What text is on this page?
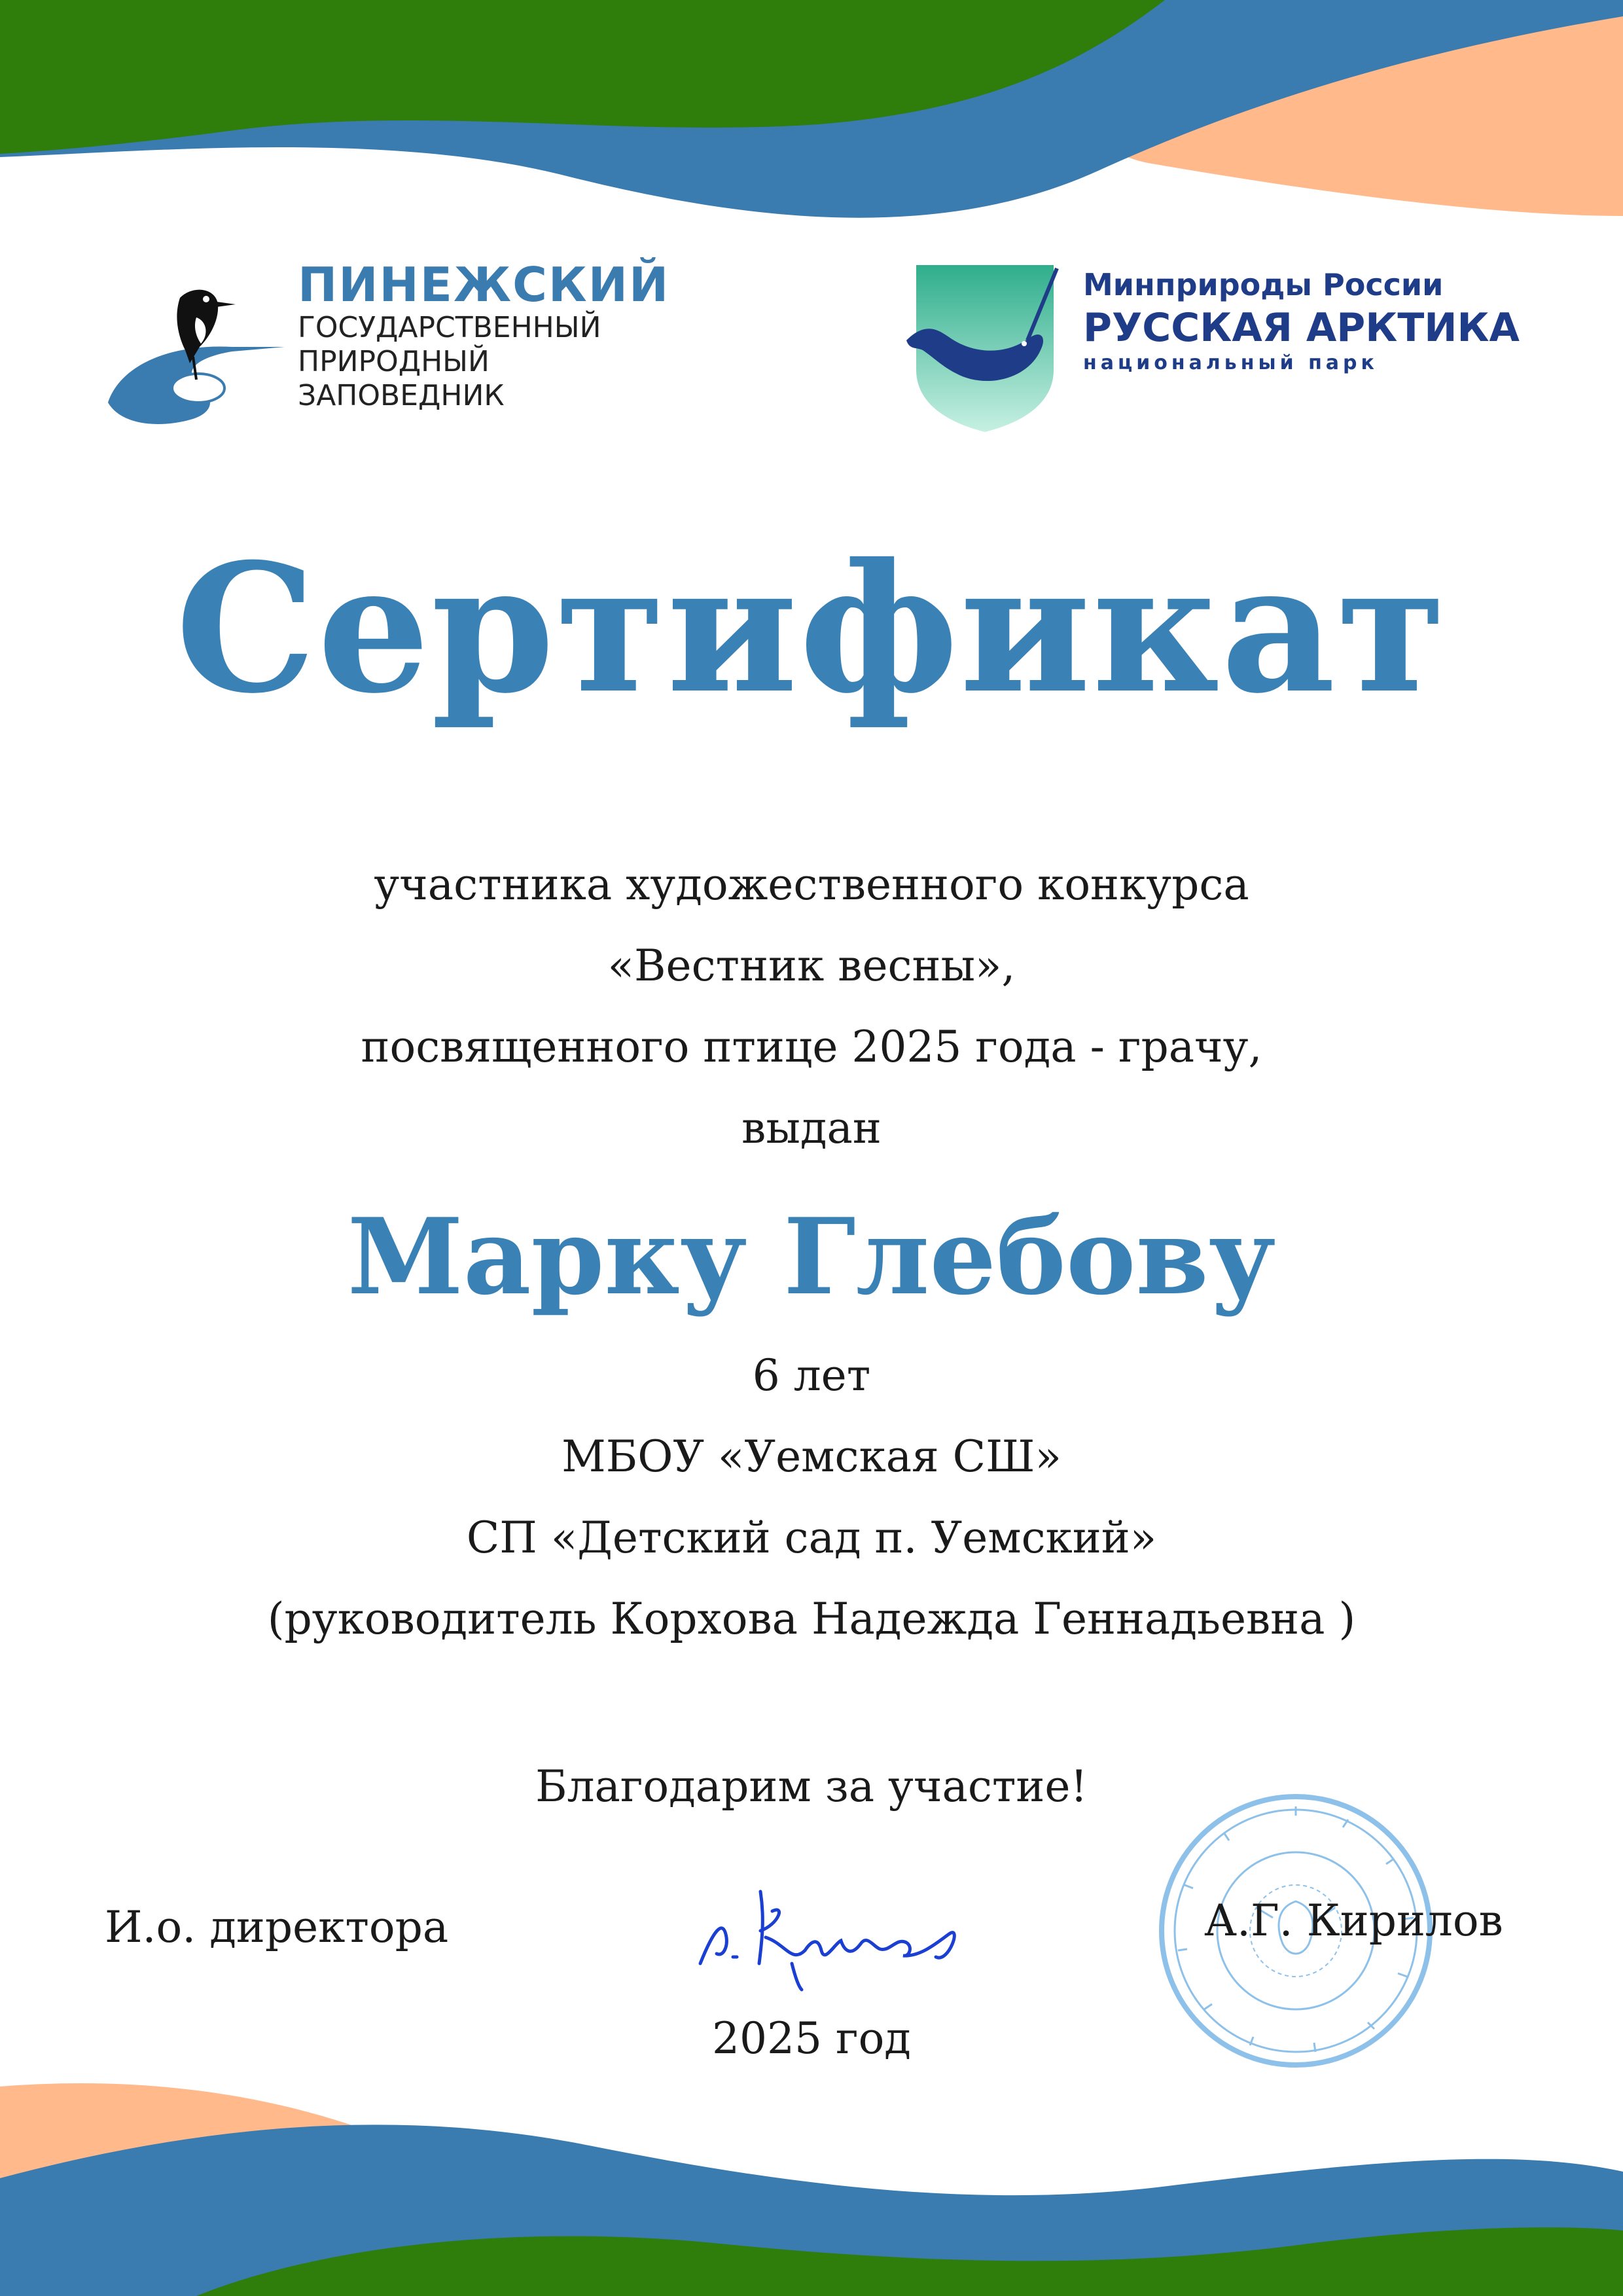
ПИНЕЖСКИЙ
ГОСУДАРСТВЕННЫЙ
ПРИРОДНЫЙ
ЗАПОВЕДНИК
Минприроды России
РУССКАЯ АРКТИКА
национальный парк
Сертификат
участника художественного конкурса
«Вестник весны»,
посвященного птице 2025 года - грачу,
выдан
Марку Глебову
6 лет
МБОУ «Уемская СШ»
СП «Детский сад п. Уемский»
(руководитель Корхова Надежда Геннадьевна )
Благодарим за участие!
И.о. директора	А.Г. Кирилов
2025 год
